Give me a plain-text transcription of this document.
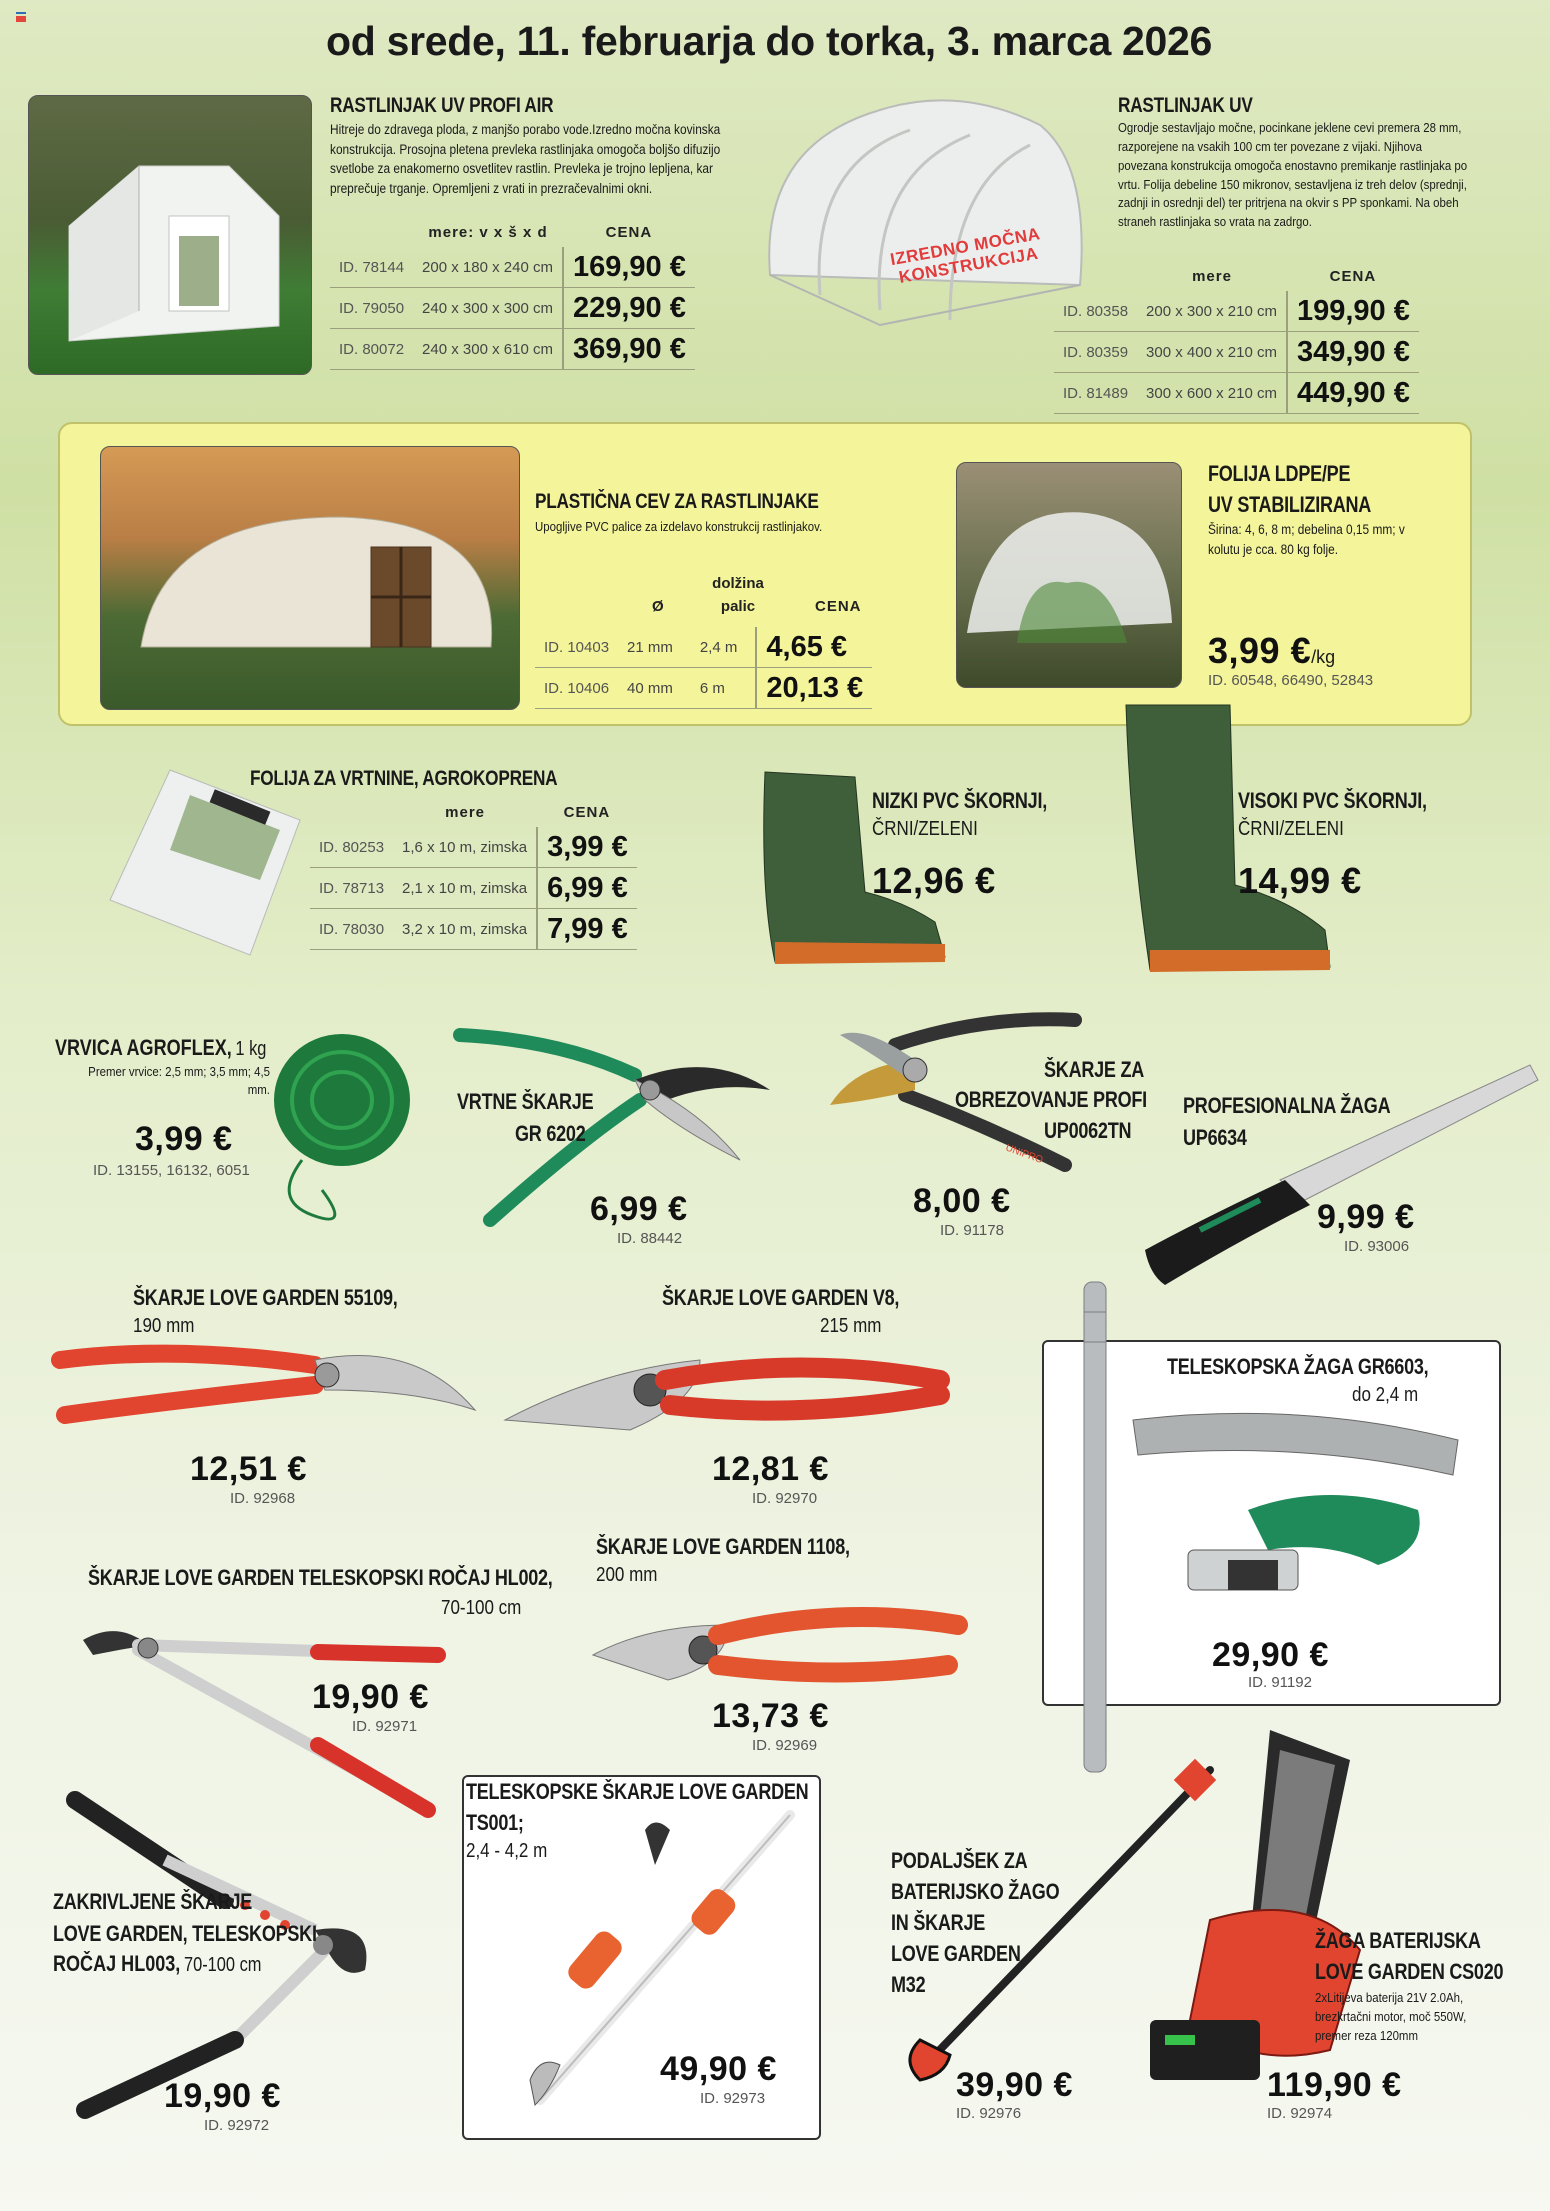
od srede, 11. februarja do torka, 3. marca 2026
RASTLINJAK UV PROFI AIR
Hitreje do zdravega ploda, z manjšo porabo vode.Izredno močna kovinska konstrukcija. Prosojna pletena prevleka rastlinjaka omogoča boljšo difuzijo svetlobe za enakomerno osvetlitev rastlin. Prevleka je trojno lepljena, kar preprečuje trganje. Opremljeni z vrati in prezračevalnimi okni.
	mere: v x š x d	CENA
ID. 78144	200 x 180 x 240 cm	169,90 €
ID. 79050	240 x 300 x 300 cm	229,90 €
ID. 80072	240 x 300 x 610 cm	369,90 €
IZREDNO MOČNA KONSTRUKCIJA
RASTLINJAK UV
Ogrodje sestavljajo močne, pocinkane jeklene cevi premera 28 mm, razporejene na vsakih 100 cm ter povezane z vijaki. Njihova povezana konstrukcija omogoča enostavno premikanje rastlinjaka po vrtu. Folija debeline 150 mikronov, sestavljena iz treh delov (sprednji, zadnji in osrednji del) ter pritrjena na okvir s PP sponkami. Na obeh straneh rastlinjaka so vrata na zadrgo.
	mere	CENA
ID. 80358	200 x 300 x 210 cm	199,90 €
ID. 80359	300 x 400 x 210 cm	349,90 €
ID. 81489	300 x 600 x 210 cm	449,90 €
PLASTIČNA CEV ZA RASTLINJAKE
Upogljive PVC palice za izdelavo konstrukcij rastlinjakov.
dolžina palic
Ø	CENA
ID. 10403	21 mm	2,4 m	4,65 €
ID. 10406	40 mm	6 m	20,13 €
FOLIJA LDPE/PE
UV STABILIZIRANA
Širina: 4, 6, 8 m; debelina 0,15 mm; v kolutu je cca. 80 kg folje.
3,99 €/kg
ID. 60548, 66490, 52843
FOLIJA ZA VRTNINE, AGROKOPRENA
	mere	CENA
ID. 80253	1,6 x 10 m, zimska	3,99 €
ID. 78713	2,1 x 10 m, zimska	6,99 €
ID. 78030	3,2 x 10 m, zimska	7,99 €
NIZKI PVC ŠKORNJI,
ČRNI/ZELENI
12,96 €
VISOKI PVC ŠKORNJI,
ČRNI/ZELENI
14,99 €
VRVICA AGROFLEX, 1 kg
Premer vrvice: 2,5 mm; 3,5 mm; 4,5 mm.
3,99 €
ID. 13155, 16132, 6051
VRTNE ŠKARJE
GR 6202
6,99 €
ID. 88442
UNIPRO
ŠKARJE ZA
OBREZOVANJE PROFI
UP0062TN
8,00 €
ID. 91178
PROFESIONALNA ŽAGA
UP6634
9,99 €
ID. 93006
ŠKARJE LOVE GARDEN 55109,
190 mm
12,51 €
ID. 92968
ŠKARJE LOVE GARDEN V8,
215 mm
12,81 €
ID. 92970
TELESKOPSKA ŽAGA GR6603,
do 2,4 m
29,90 €
ID. 91192
ŠKARJE LOVE GARDEN TELESKOPSKI ROČAJ HL002,
70-100 cm
19,90 €
ID. 92971
ŠKARJE LOVE GARDEN 1108,
200 mm
13,73 €
ID. 92969
ZAKRIVLJENE ŠKARJE
LOVE GARDEN, TELESKOPSKI
ROČAJ HL003, 70-100 cm
19,90 €
ID. 92972
TELESKOPSKE ŠKARJE LOVE GARDEN
TS001;
2,4 - 4,2 m
49,90 €
ID. 92973
PODALJŠEK ZA
BATERIJSKO ŽAGO
IN ŠKARJE
LOVE GARDEN
M32
39,90 €
ID. 92976
ŽAGA BATERIJSKA
LOVE GARDEN CS020
2xLitijeva baterija 21V 2.0Ah, brezkrtačni motor, moč 550W, premer reza 120mm
119,90 €
ID. 92974
